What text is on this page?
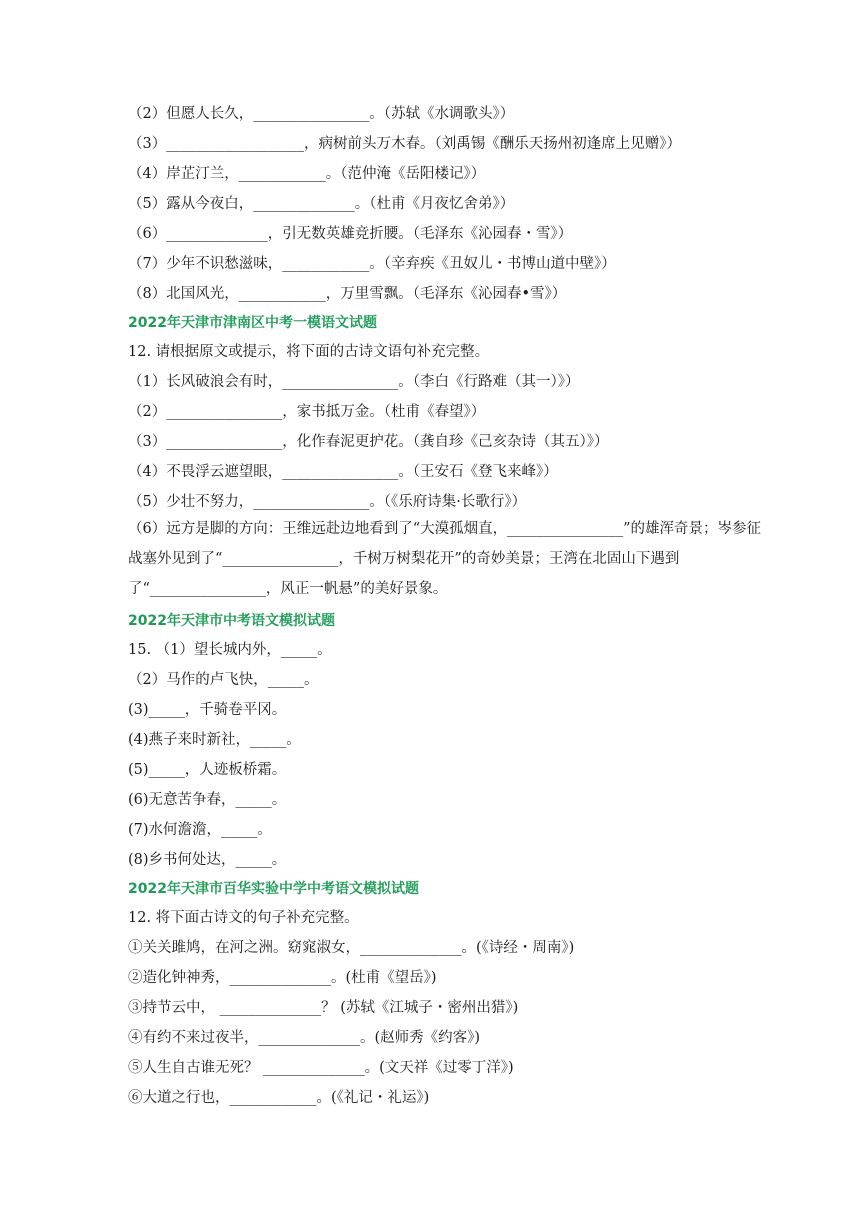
（2）但愿人长久，________________。（苏轼《水调歌头》）
（3）___________________，病树前头万木春。（刘禹锡《酬乐天扬州初逢席上见赠》）
（4）岸芷汀兰，____________。（范仲淹《岳阳楼记》）
（5）露从今夜白，______________。（杜甫《月夜忆舍弟》）
（6）______________，引无数英雄竞折腰。（毛泽东《沁园春・雪》）
（7）少年不识愁滋味，____________。（辛弃疾《丑奴儿・书博山道中壁》）
（8）北国风光，____________，万里雪飘。（毛泽东《沁园春•雪》）
2022年天津市津南区中考一模语文试题
12. 请根据原文或提示，将下面的古诗文语句补充完整。
（1）长风破浪会有时，________________。（李白《行路难（其一）》）
（2）________________，家书抵万金。（杜甫《春望》）
（3）________________，化作春泥更护花。（龚自珍《己亥杂诗（其五）》）
（4）不畏浮云遮望眼，________________。（王安石《登飞来峰》）
（5）少壮不努力，________________。（《乐府诗集·长歌行》）
（6）远方是脚的方向：王维远赴边地看到了“大漠孤烟直，________________”的雄浑奇景；岑参征战塞外见到了“________________，千树万树梨花开”的奇妙美景；王湾在北固山下遇到了“________________，风正一帆悬”的美好景象。
2022年天津市中考语文模拟试题
15. （1）望长城内外，_____。
（2）马作的卢飞快，_____。
(3)_____，千骑卷平冈。
(4)燕子来时新社，_____。
(5)_____，人迹板桥霜。
(6)无意苦争春，_____。
(7)水何澹澹，_____。
(8)乡书何处达，_____。
2022年天津市百华实验中学中考语文模拟试题
12. 将下面古诗文的句子补充完整。
①关关雎鸠，在河之洲。窈窕淑女，______________。(《诗经・周南》)
②造化钟神秀，______________。(杜甫《望岳》)
③持节云中， ______________？ (苏轼《江城子・密州出猎》)
④有约不来过夜半，______________。(赵师秀《约客》)
⑤人生自古谁无死？ ______________。(文天祥《过零丁洋》)
⑥大道之行也，____________。(《礼记・礼运》)
